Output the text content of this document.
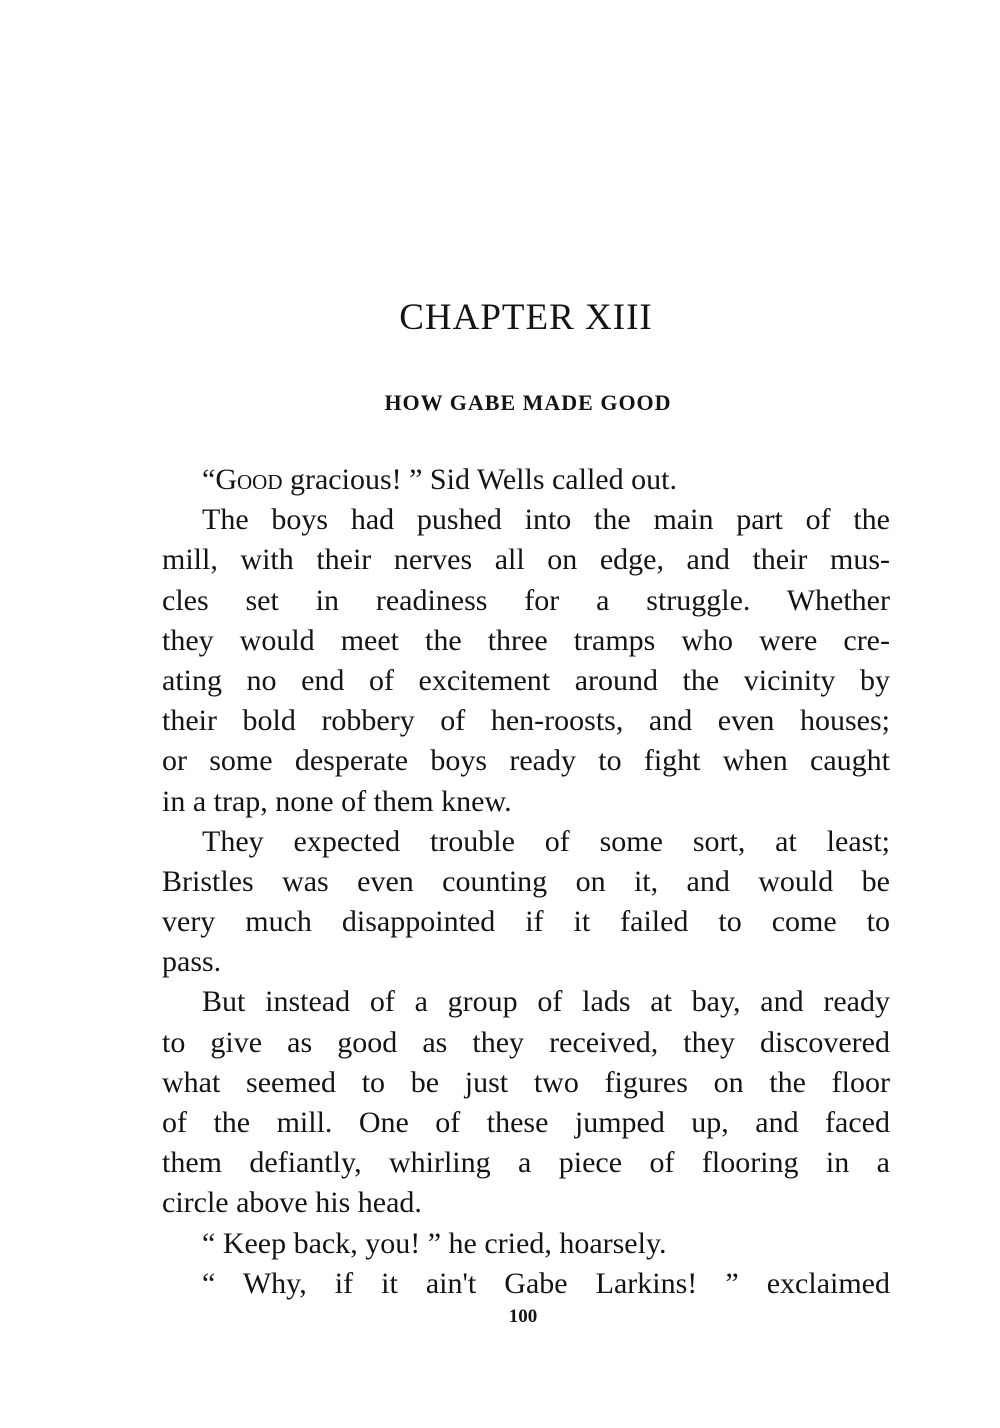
CHAPTER XIII
HOW GABE MADE GOOD
“Good gracious! ” Sid Wells called out.
The boys had pushed into the main part of the
mill, with their nerves all on edge, and their mus-
cles set in readiness for a struggle. Whether
they would meet the three tramps who were cre-
ating no end of excitement around the vicinity by
their bold robbery of hen-roosts, and even houses;
or some desperate boys ready to fight when caught
in a trap, none of them knew.
They expected trouble of some sort, at least;
Bristles was even counting on it, and would be
very much disappointed if it failed to come to
pass.
But instead of a group of lads at bay, and ready
to give as good as they received, they discovered
what seemed to be just two figures on the floor
of the mill. One of these jumped up, and faced
them defiantly, whirling a piece of flooring in a
circle above his head.
“ Keep back, you! ” he cried, hoarsely.
“ Why, if it ain't Gabe Larkins! ” exclaimed
100
